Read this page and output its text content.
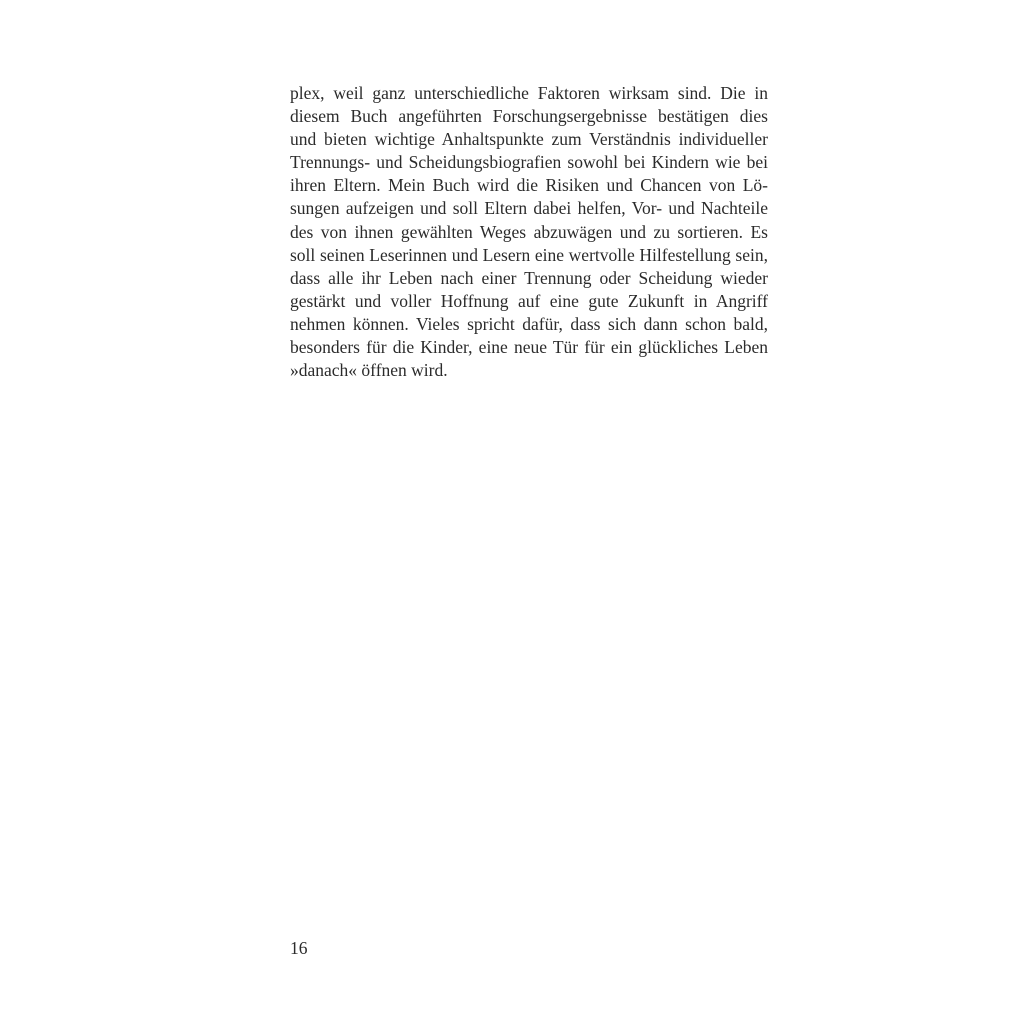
plex, weil ganz unterschiedliche Faktoren wirksam sind. Die in
diesem Buch angeführten Forschungsergebnisse bestätigen dies
und bieten wichtige Anhaltspunkte zum Verständnis individueller
Trennungs- und Scheidungsbiografien sowohl bei Kindern wie bei
ihren Eltern. Mein Buch wird die Risiken und Chancen von Lö-
sungen aufzeigen und soll Eltern dabei helfen, Vor- und Nachteile
des von ihnen gewählten Weges abzuwägen und zu sortieren. Es
soll seinen Leserinnen und Lesern eine wertvolle Hilfestellung sein,
dass alle ihr Leben nach einer Trennung oder Scheidung wieder
gestärkt und voller Hoffnung auf eine gute Zukunft in Angriff
nehmen können. Vieles spricht dafür, dass sich dann schon bald,
besonders für die Kinder, eine neue Tür für ein glückliches Leben
»danach« öffnen wird.

16
